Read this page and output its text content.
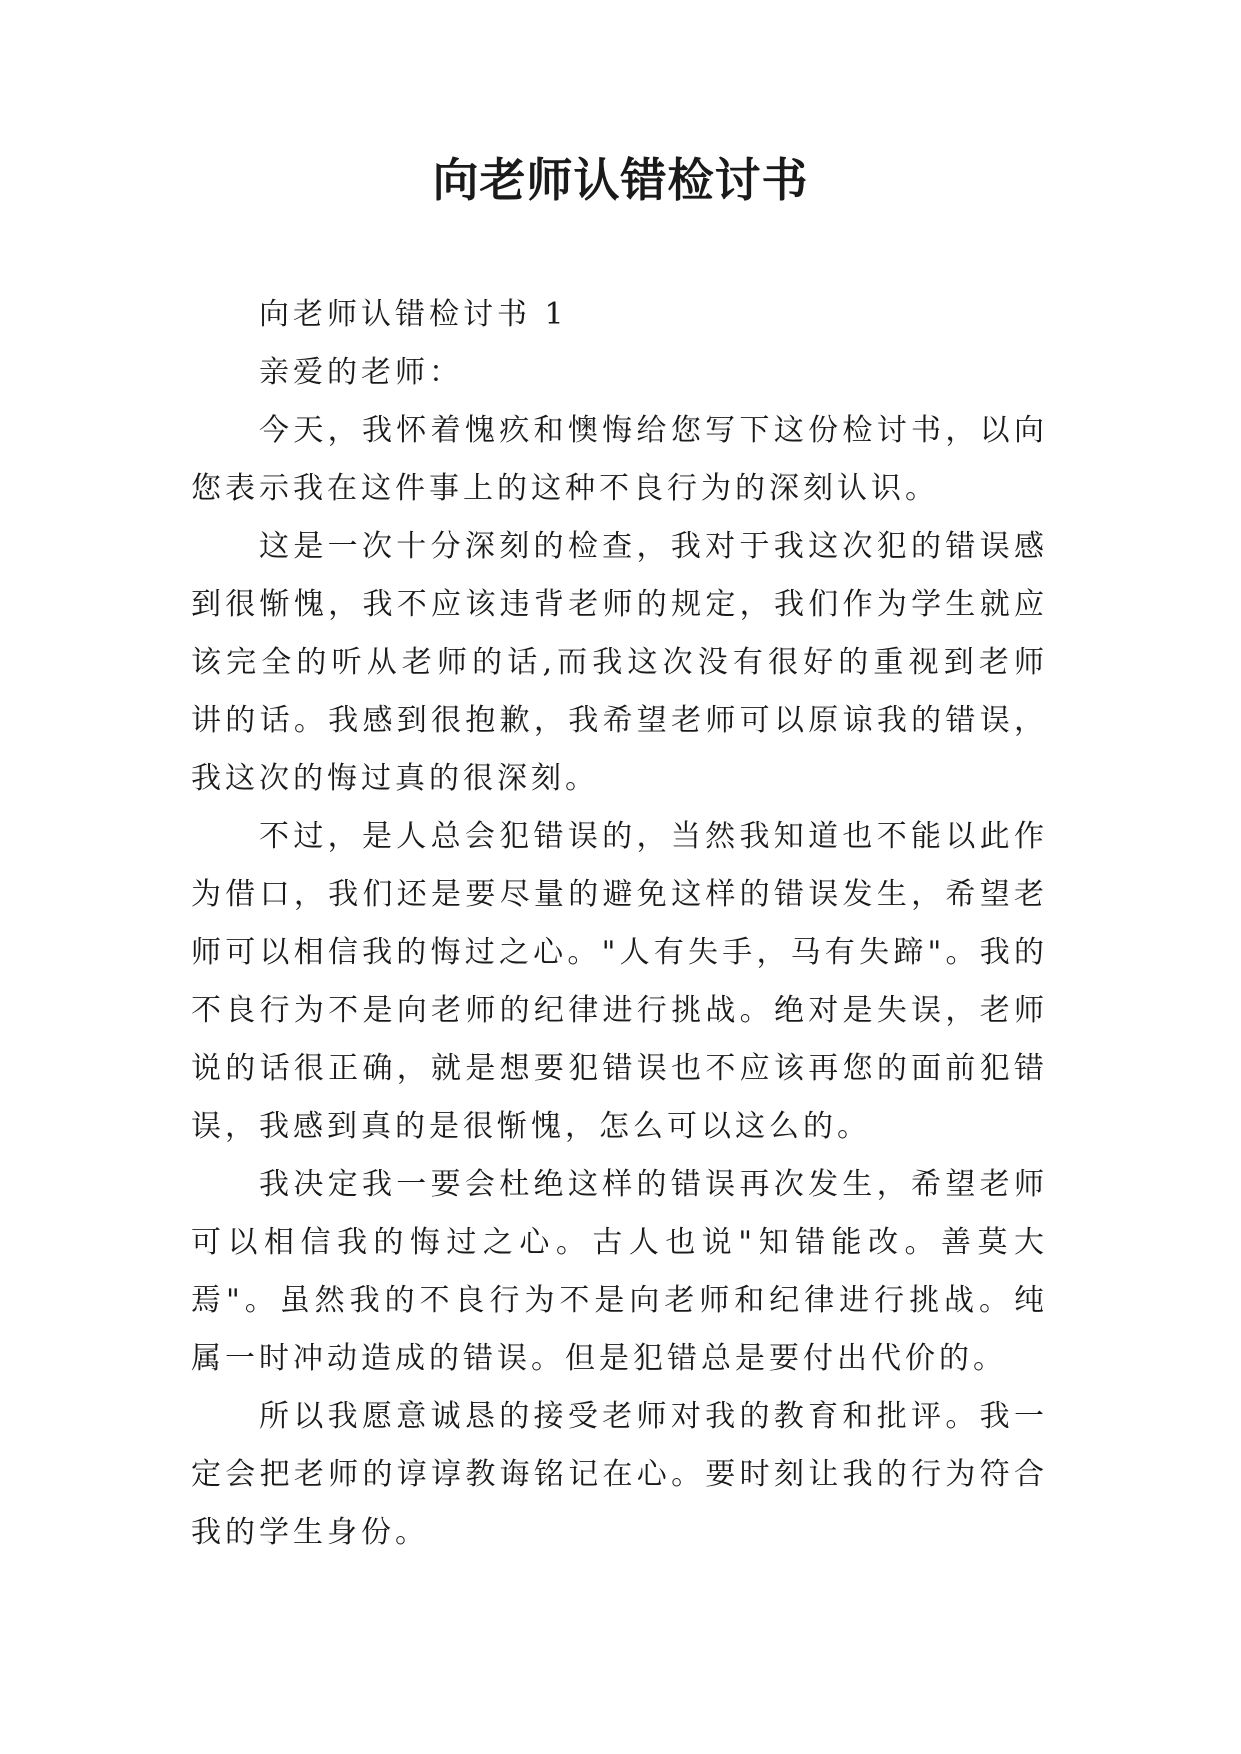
向老师认错检讨书

向老师认错检讨书 1

亲爱的老师：

今天，我怀着愧疚和懊悔给您写下这份检讨书，以向您表示我在这件事上的这种不良行为的深刻认识。

这是一次十分深刻的检查，我对于我这次犯的错误感到很惭愧，我不应该违背老师的规定，我们作为学生就应该完全的听从老师的话,而我这次没有很好的重视到老师讲的话。我感到很抱歉，我希望老师可以原谅我的错误，我这次的悔过真的很深刻。

不过，是人总会犯错误的，当然我知道也不能以此作为借口，我们还是要尽量的避免这样的错误发生，希望老师可以相信我的悔过之心。"人有失手，马有失蹄"。我的不良行为不是向老师的纪律进行挑战。绝对是失误，老师说的话很正确，就是想要犯错误也不应该再您的面前犯错误，我感到真的是很惭愧，怎么可以这么的。

我决定我一要会杜绝这样的错误再次发生，希望老师可以相信我的悔过之心。古人也说"知错能改。善莫大焉"。虽然我的不良行为不是向老师和纪律进行挑战。纯属一时冲动造成的错误。但是犯错总是要付出代价的。

所以我愿意诚恳的接受老师对我的教育和批评。我一定会把老师的谆谆教诲铭记在心。要时刻让我的行为符合我的学生身份。
